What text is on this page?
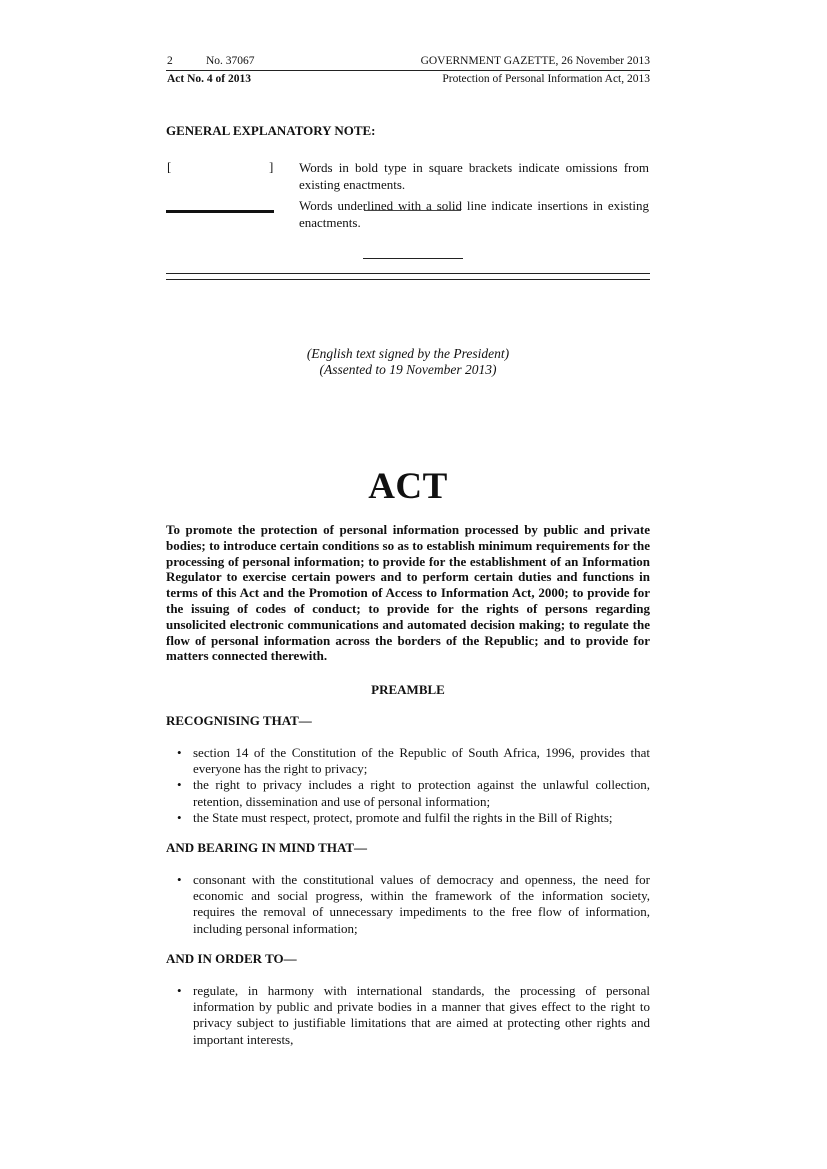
2	No. 37067	GOVERNMENT GAZETTE, 26 November 2013
Act No. 4 of 2013	Protection of Personal Information Act, 2013
GENERAL EXPLANATORY NOTE:
[	] Words in bold type in square brackets indicate omissions from existing enactments.
Words underlined with a solid line indicate insertions in existing enactments.
(English text signed by the President)
(Assented to 19 November 2013)
ACT
To promote the protection of personal information processed by public and private bodies; to introduce certain conditions so as to establish minimum requirements for the processing of personal information; to provide for the establishment of an Information Regulator to exercise certain powers and to perform certain duties and functions in terms of this Act and the Promotion of Access to Information Act, 2000; to provide for the issuing of codes of conduct; to provide for the rights of persons regarding unsolicited electronic communications and automated decision making; to regulate the flow of personal information across the borders of the Republic; and to provide for matters connected therewith.
PREAMBLE
RECOGNISING THAT—
• section 14 of the Constitution of the Republic of South Africa, 1996, provides that everyone has the right to privacy;
• the right to privacy includes a right to protection against the unlawful collection, retention, dissemination and use of personal information;
• the State must respect, protect, promote and fulfil the rights in the Bill of Rights;
AND BEARING IN MIND THAT—
• consonant with the constitutional values of democracy and openness, the need for economic and social progress, within the framework of the information society, requires the removal of unnecessary impediments to the free flow of information, including personal information;
AND IN ORDER TO—
• regulate, in harmony with international standards, the processing of personal information by public and private bodies in a manner that gives effect to the right to privacy subject to justifiable limitations that are aimed at protecting other rights and important interests,
